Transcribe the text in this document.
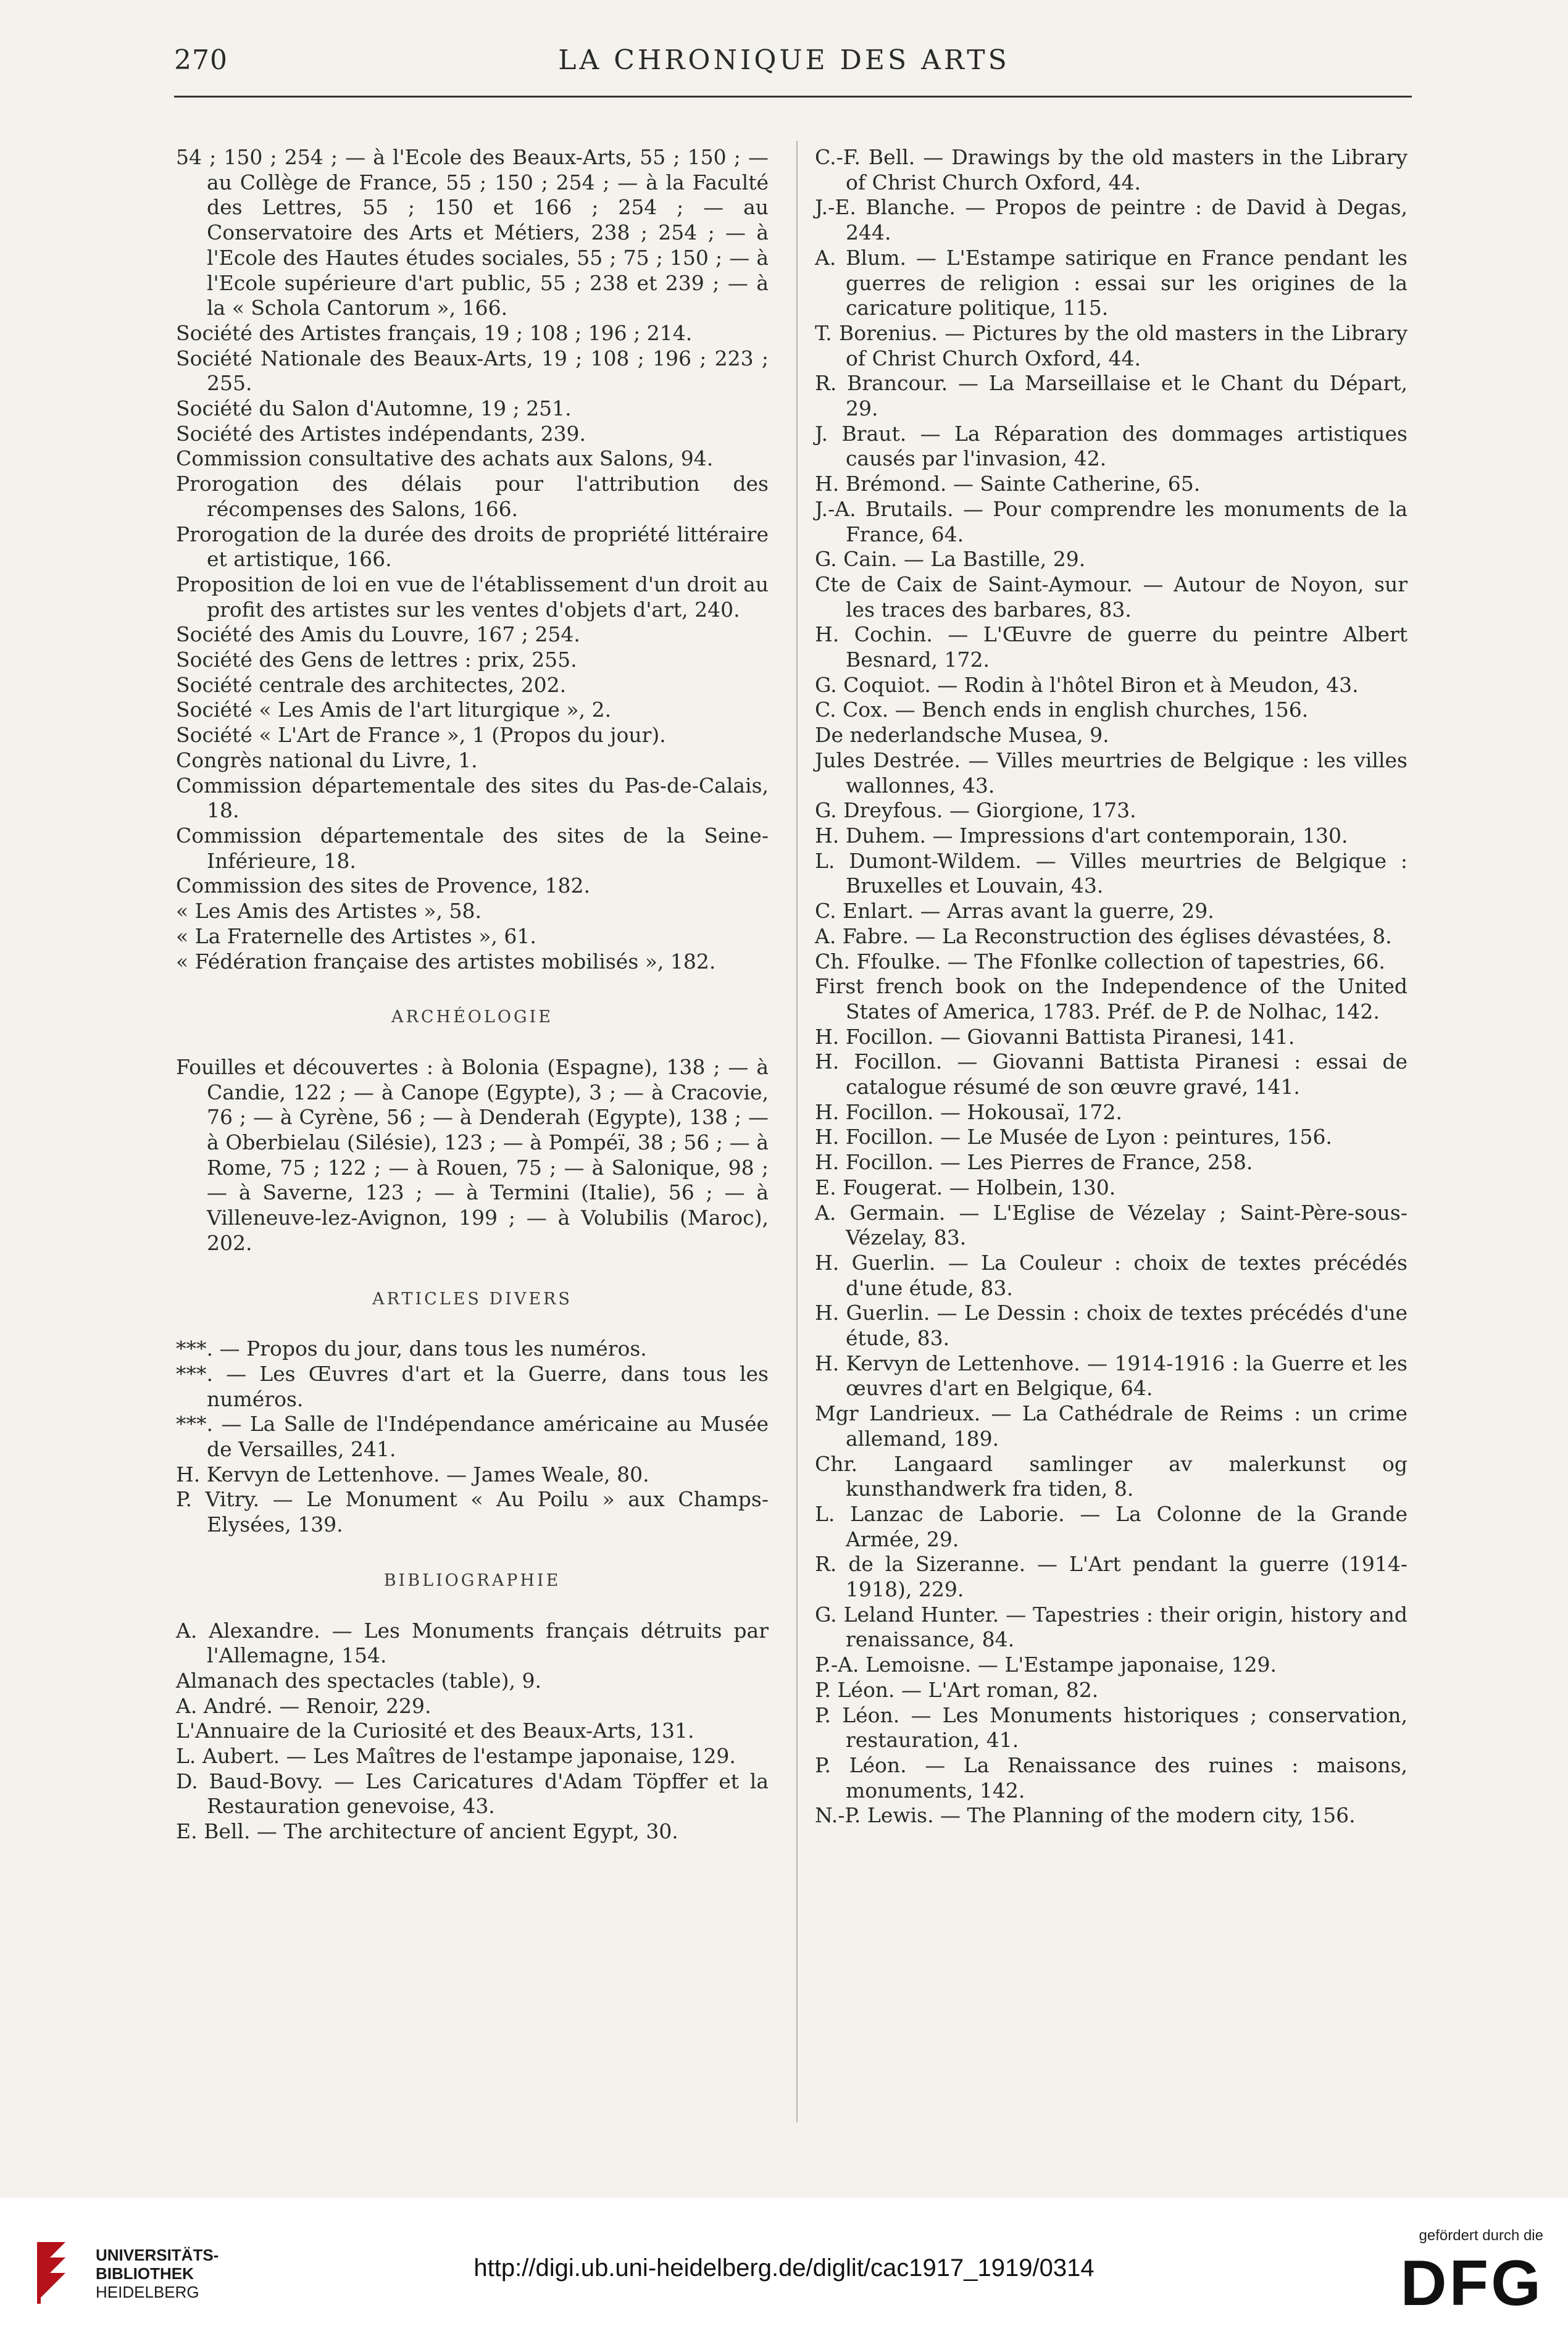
270	LA CHRONIQUE DES ARTS
54 ; 150 ; 254 ; — à l'Ecole des Beaux-Arts, 55 ; 150 ; — au Collège de France, 55 ; 150 ; 254 ; — à la Faculté des Lettres, 55 ; 150 et 166 ; 254 ; — au Conservatoire des Arts et Métiers, 238 ; 254 ; — à l'Ecole des Hautes études sociales, 55 ; 75 ; 150 ; — à l'Ecole supérieure d'art public, 55 ; 238 et 239 ; — à la « Schola Cantorum », 166.
Société des Artistes français, 19 ; 108 ; 196 ; 214.
Société Nationale des Beaux-Arts, 19 ; 108 ; 196 ; 223 ; 255.
Société du Salon d'Automne, 19 ; 251.
Société des Artistes indépendants, 239.
Commission consultative des achats aux Salons, 94.
Prorogation des délais pour l'attribution des récompenses des Salons, 166.
Prorogation de la durée des droits de propriété littéraire et artistique, 166.
Proposition de loi en vue de l'établissement d'un droit au profit des artistes sur les ventes d'objets d'art, 240.
Société des Amis du Louvre, 167 ; 254.
Société des Gens de lettres : prix, 255.
Société centrale des architectes, 202.
Société « Les Amis de l'art liturgique », 2.
Société « L'Art de France », 1 (Propos du jour).
Congrès national du Livre, 1.
Commission départementale des sites du Pas-de-Calais, 18.
Commission départementale des sites de la Seine-Inférieure, 18.
Commission des sites de Provence, 182.
« Les Amis des Artistes », 58.
« La Fraternelle des Artistes », 61.
« Fédération française des artistes mobilisés », 182.
ARCHÉOLOGIE
Fouilles et découvertes : à Bolonia (Espagne), 138 ; — à Candie, 122 ; — à Canope (Egypte), 3 ; — à Cracovie, 76 ; — à Cyrène, 56 ; — à Denderah (Egypte), 138 ; — à Oberbielau (Silésie), 123 ; — à Pompéï, 38 ; 56 ; — à Rome, 75 ; 122 ; — à Rouen, 75 ; — à Salonique, 98 ; — à Saverne, 123 ; — à Termini (Italie), 56 ; — à Villeneuve-lez-Avignon, 199 ; — à Volubilis (Maroc), 202.
ARTICLES DIVERS
***. — Propos du jour, dans tous les numéros.
***. — Les Œuvres d'art et la Guerre, dans tous les numéros.
***. — La Salle de l'Indépendance américaine au Musée de Versailles, 241.
H. Kervyn de Lettenhove. — James Weale, 80.
P. Vitry. — Le Monument « Au Poilu » aux Champs-Elysées, 139.
BIBLIOGRAPHIE
A. Alexandre. — Les Monuments français détruits par l'Allemagne, 154.
Almanach des spectacles (table), 9.
A. André. — Renoir, 229.
L'Annuaire de la Curiosité et des Beaux-Arts, 131.
L. Aubert. — Les Maîtres de l'estampe japonaise, 129.
D. Baud-Bovy. — Les Caricatures d'Adam Töpffer et la Restauration genevoise, 43.
E. Bell. — The architecture of ancient Egypt, 30.
C.-F. Bell. — Drawings by the old masters in the Library of Christ Church Oxford, 44.
J.-E. Blanche. — Propos de peintre : de David à Degas, 244.
A. Blum. — L'Estampe satirique en France pendant les guerres de religion : essai sur les origines de la caricature politique, 115.
T. Borenius. — Pictures by the old masters in the Library of Christ Church Oxford, 44.
R. Brancour. — La Marseillaise et le Chant du Départ, 29.
J. Braut. — La Réparation des dommages artistiques causés par l'invasion, 42.
H. Brémond. — Sainte Catherine, 65.
J.-A. Brutails. — Pour comprendre les monuments de la France, 64.
G. Cain. — La Bastille, 29.
Cte de Caix de Saint-Aymour. — Autour de Noyon, sur les traces des barbares, 83.
H. Cochin. — L'Œuvre de guerre du peintre Albert Besnard, 172.
G. Coquiot. — Rodin à l'hôtel Biron et à Meudon, 43.
C. Cox. — Bench ends in english churches, 156.
De nederlandsche Musea, 9.
Jules Destrée. — Villes meurtries de Belgique : les villes wallonnes, 43.
G. Dreyfous. — Giorgione, 173.
H. Duhem. — Impressions d'art contemporain, 130.
L. Dumont-Wildem. — Villes meurtries de Belgique : Bruxelles et Louvain, 43.
C. Enlart. — Arras avant la guerre, 29.
A. Fabre. — La Reconstruction des églises dévastées, 8.
Ch. Ffoulke. — The Ffonlke collection of tapestries, 66.
First french book on the Independence of the United States of America, 1783. Préf. de P. de Nolhac, 142.
H. Focillon. — Giovanni Battista Piranesi, 141.
H. Focillon. — Giovanni Battista Piranesi : essai de catalogue résumé de son œuvre gravé, 141.
H. Focillon. — Hokousaï, 172.
H. Focillon. — Le Musée de Lyon : peintures, 156.
H. Focillon. — Les Pierres de France, 258.
E. Fougerat. — Holbein, 130.
A. Germain. — L'Eglise de Vézelay ; Saint-Père-sous-Vézelay, 83.
H. Guerlin. — La Couleur : choix de textes précédés d'une étude, 83.
H. Guerlin. — Le Dessin : choix de textes précédés d'une étude, 83.
H. Kervyn de Lettenhove. — 1914-1916 : la Guerre et les œuvres d'art en Belgique, 64.
Mgr Landrieux. — La Cathédrale de Reims : un crime allemand, 189.
Chr. Langaard samlinger av malerkunst og kunsthandwerk fra tiden, 8.
L. Lanzac de Laborie. — La Colonne de la Grande Armée, 29.
R. de la Sizeranne. — L'Art pendant la guerre (1914-1918), 229.
G. Leland Hunter. — Tapestries : their origin, history and renaissance, 84.
P.-A. Lemoisne. — L'Estampe japonaise, 129.
P. Léon. — L'Art roman, 82.
P. Léon. — Les Monuments historiques ; conservation, restauration, 41.
P. Léon. — La Renaissance des ruines : maisons, monuments, 142.
N.-P. Lewis. — The Planning of the modern city, 156.
UNIVERSITÄTS-
BIBLIOTHEK
HEIDELBERG
http://digi.ub.uni-heidelberg.de/diglit/cac1917_1919/0314
gefördert durch die
DFG
